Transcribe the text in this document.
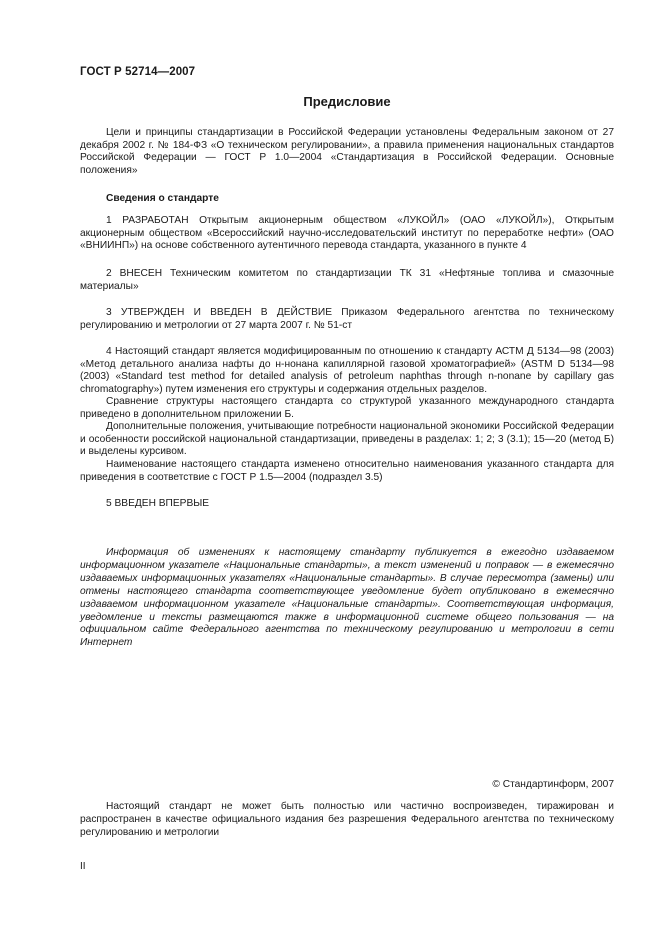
ГОСТ Р 52714—2007
Предисловие

Цели и принципы стандартизации в Российской Федерации установлены Федеральным законом от 27 декабря 2002 г. № 184-ФЗ «О техническом регулировании», а правила применения национальных стандартов Российской Федерации — ГОСТ Р 1.0—2004 «Стандартизация в Российской Федерации. Основные положения»

Сведения о стандарте

1 РАЗРАБОТАН Открытым акционерным обществом «ЛУКОЙЛ» (ОАО «ЛУКОЙЛ»), Открытым акционерным обществом «Всероссийский научно-исследовательский институт по переработке нефти» (ОАО «ВНИИНП») на основе собственного аутентичного перевода стандарта, указанного в пункте 4

2 ВНЕСЕН Техническим комитетом по стандартизации ТК 31 «Нефтяные топлива и смазочные материалы»

3 УТВЕРЖДЕН И ВВЕДЕН В ДЕЙСТВИЕ Приказом Федерального агентства по техническому регулированию и метрологии от 27 марта 2007 г. № 51-ст

4 Настоящий стандарт является модифицированным по отношению к стандарту АСТМ Д 5134—98 (2003) «Метод детального анализа нафты до н-нонана капиллярной газовой хроматографией» (ASTM D 5134—98 (2003) «Standard test method for detailed analysis of petroleum naphthas through n-nonane by capillary gas chromatography») путем изменения его структуры и содержания отдельных разделов.

Сравнение структуры настоящего стандарта со структурой указанного международного стандарта приведено в дополнительном приложении Б.

Дополнительные положения, учитывающие потребности национальной экономики Российской Федерации и особенности российской национальной стандартизации, приведены в разделах: 1; 2; 3 (3.1); 15—20 (метод Б) и выделены курсивом.

Наименование настоящего стандарта изменено относительно наименования указанного стандарта для приведения в соответствие с ГОСТ Р 1.5—2004 (подраздел 3.5)

5 ВВЕДЕН ВПЕРВЫЕ

Информация об изменениях к настоящему стандарту публикуется в ежегодно издаваемом информационном указателе «Национальные стандарты», а текст изменений и поправок — в ежемесячно издаваемых информационных указателях «Национальные стандарты». В случае пересмотра (замены) или отмены настоящего стандарта соответствующее уведомление будет опубликовано в ежемесячно издаваемом информационном указателе «Национальные стандарты». Соответствующая информация, уведомление и тексты размещаются также в информационной системе общего пользования — на официальном сайте Федерального агентства по техническому регулированию и метрологии в сети Интернет

© Стандартинформ, 2007

Настоящий стандарт не может быть полностью или частично воспроизведен, тиражирован и распространен в качестве официального издания без разрешения Федерального агентства по техническому регулированию и метрологии

II
